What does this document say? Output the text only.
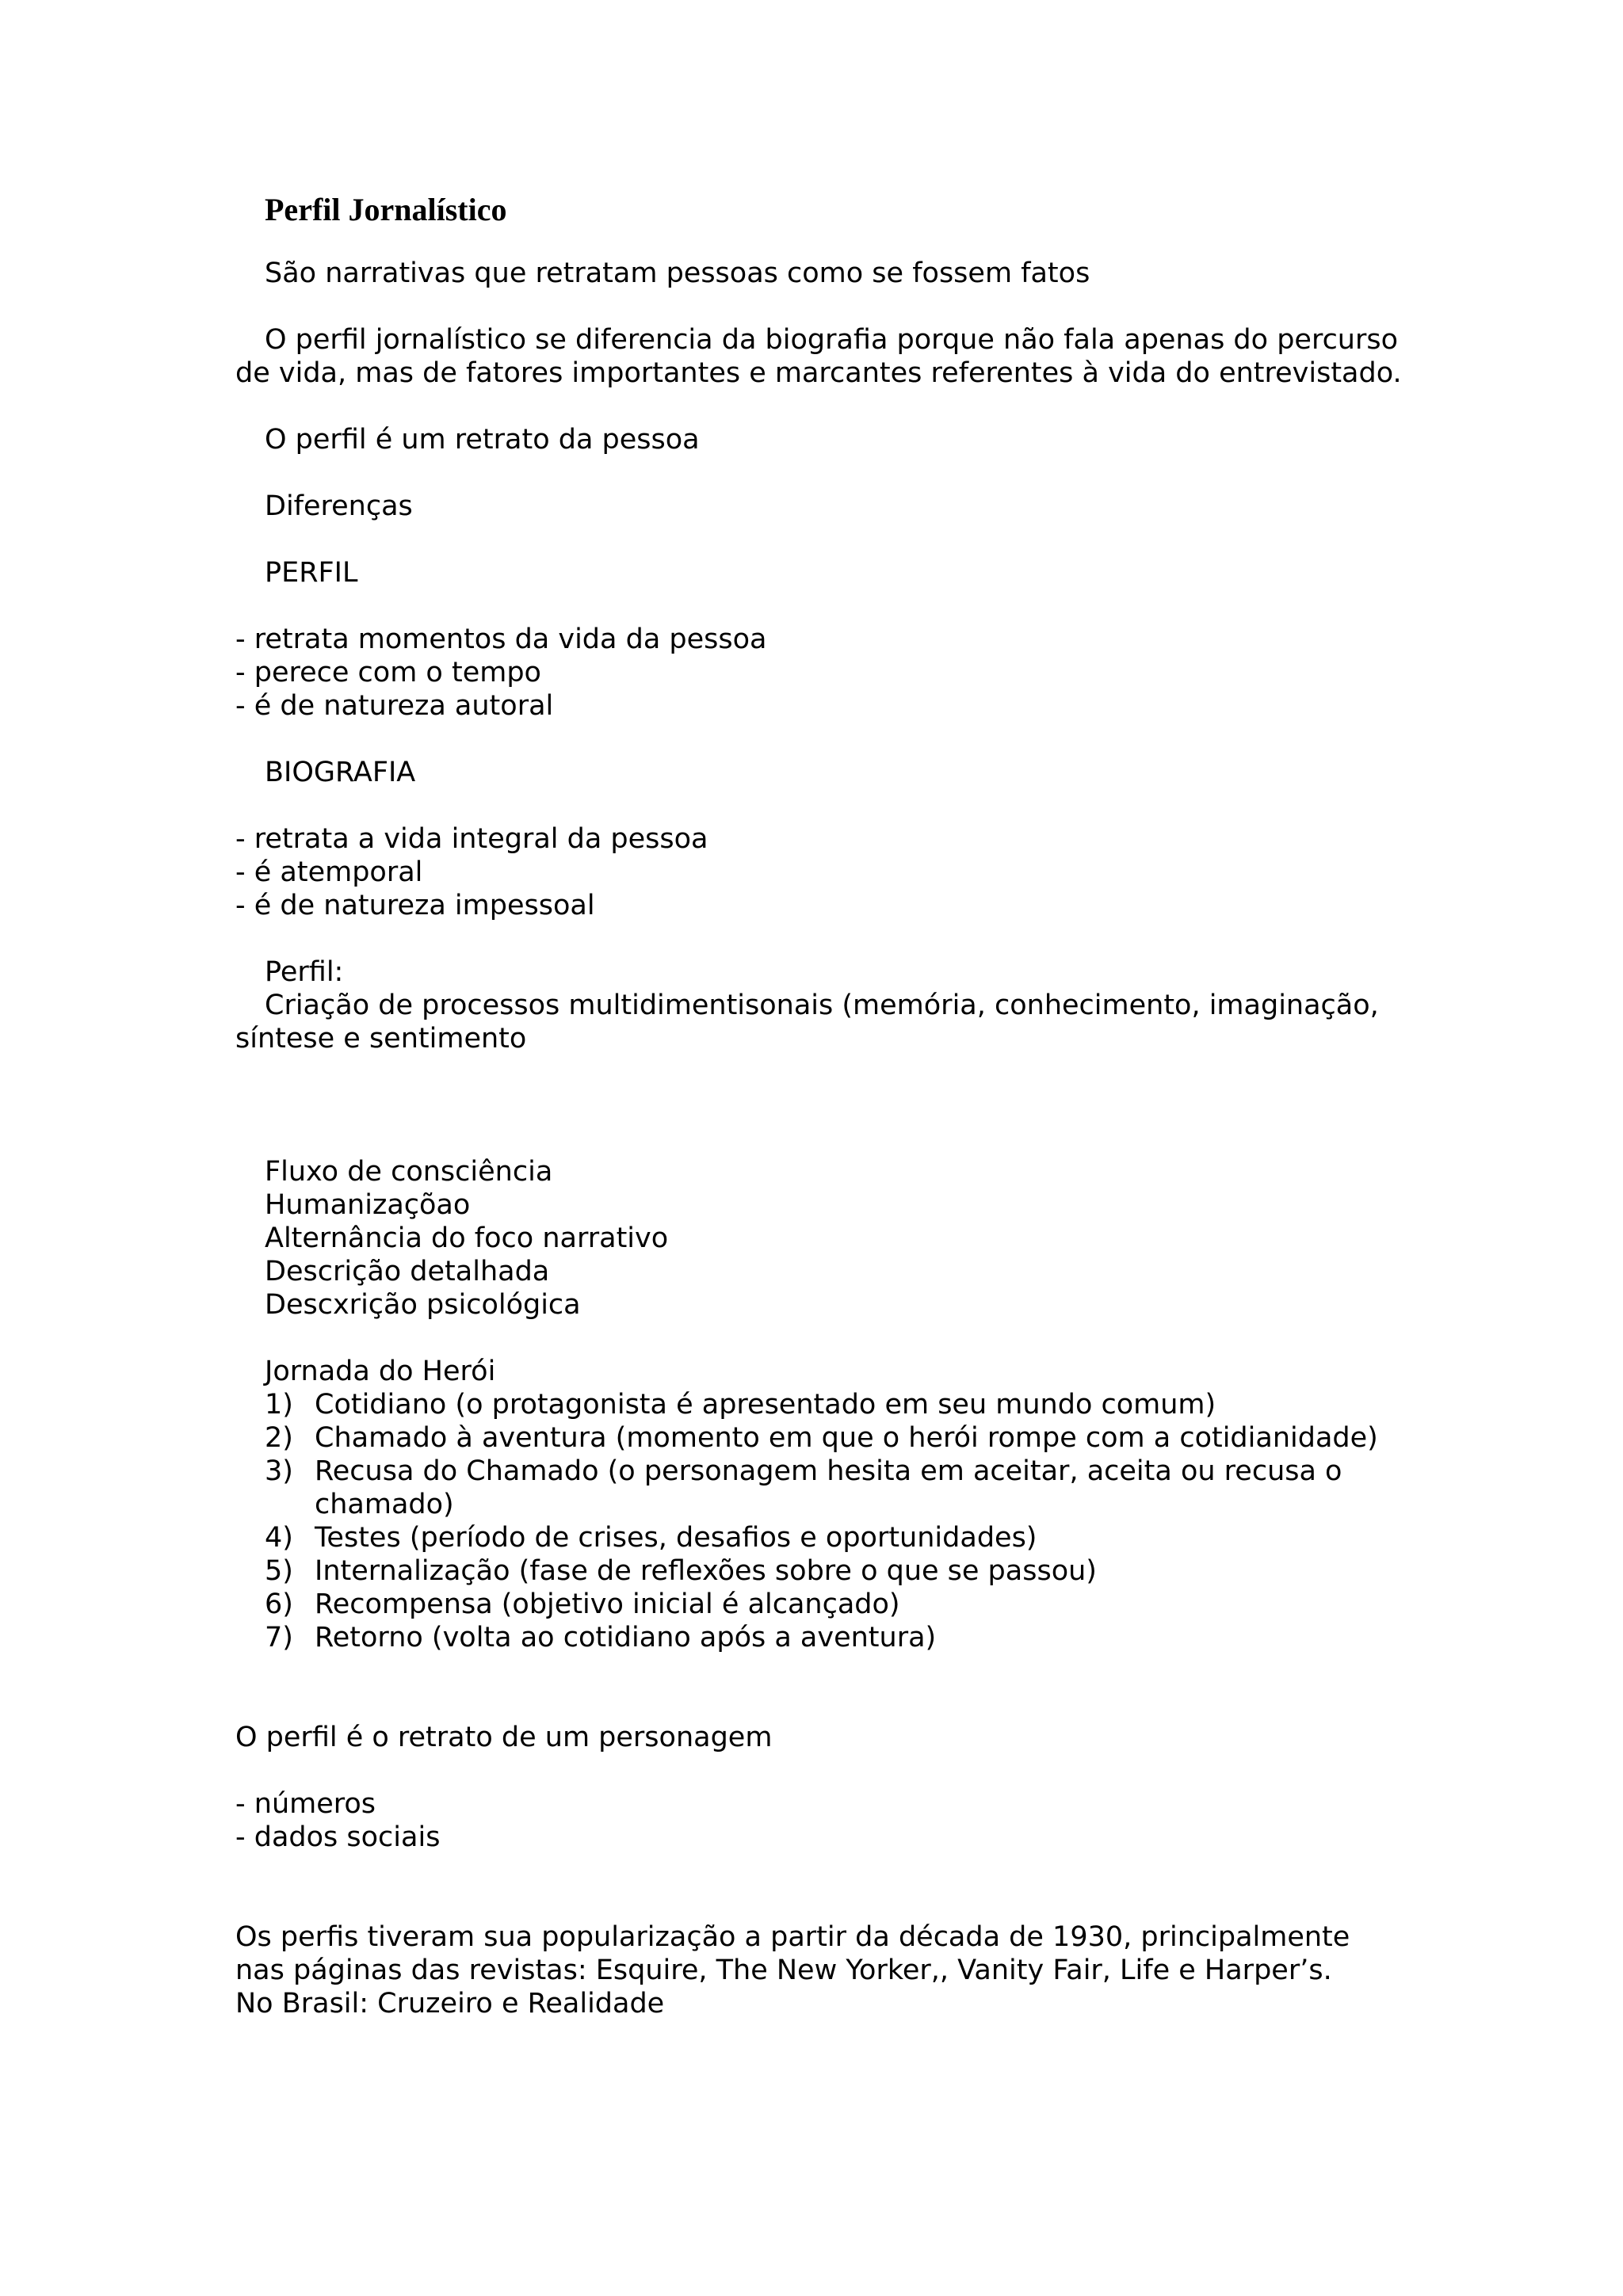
Perfil Jornalístico

São narrativas que retratam pessoas como se fossem fatos

O perfil jornalístico se diferencia da biografia porque não fala apenas do percurso de vida, mas de fatores importantes e marcantes referentes à vida do entrevistado.

O perfil é um retrato da pessoa

Diferenças

PERFIL

- retrata momentos da vida da pessoa

- perece com o tempo

- é de natureza autoral

BIOGRAFIA

- retrata a vida integral da pessoa

- é atemporal

- é de natureza impessoal

Perfil:

Criação de processos multidimentisonais (memória, conhecimento, imaginação, síntese e sentimento

Fluxo de consciência

Humanizaçõao

Alternância do foco narrativo

Descrição detalhada

Descxrição psicológica

Jornada do Herói

1) Cotidiano (o protagonista é apresentado em seu mundo comum)
2) Chamado à aventura (momento em que o herói rompe com a cotidianidade)
3) Recusa do Chamado (o personagem hesita em aceitar, aceita ou recusa o chamado)
4) Testes (período de crises, desafios e oportunidades)
5) Internalização (fase de reflexões sobre o que se passou)
6) Recompensa (objetivo inicial é alcançado)
7) Retorno (volta ao cotidiano após a aventura)

O perfil é o retrato de um personagem

- números

- dados sociais

Os perfis tiveram sua popularização a partir da década de 1930, principalmente

nas páginas das revistas: Esquire, The New Yorker,, Vanity Fair, Life e Harper’s.

No Brasil: Cruzeiro e Realidade
